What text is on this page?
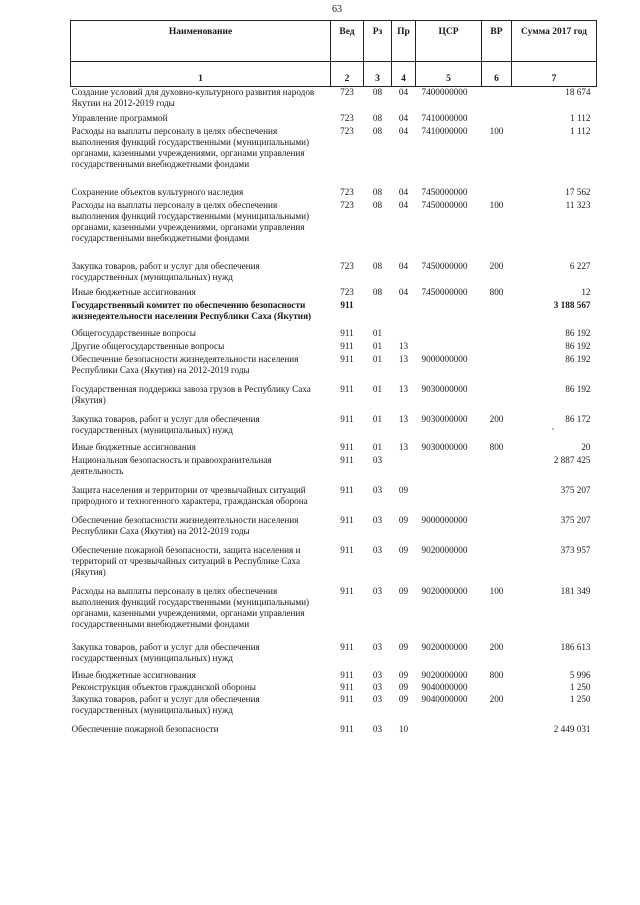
63
Наименование	Вед	Рз	Пр	ЦСР	ВР	Сумма 2017 год
1	2	3	4	5	6	7
Создание условий для духовно-культурного развития народов Якутии на 2012-2019 годы	723	08	04	7400000000		18 674
Управление программой	723	08	04	7410000000		1 112
Расходы на выплаты персоналу в целях обеспечения выполнения функций государственными (муниципальными) органами, казенными учреждениями, органами управления государственными внебюджетными фондами	723	08	04	7410000000	100	1 112
Сохранение объектов культурного наследия	723	08	04	7450000000		17 562
Расходы на выплаты персоналу в целях обеспечения выполнения функций государственными (муниципальными) органами, казенными учреждениями, органами управления государственными внебюджетными фондами	723	08	04	7450000000	100	11 323
Закупка товаров, работ и услуг для обеспечения государственных (муниципальных) нужд	723	08	04	7450000000	200	6 227
Иные бюджетные ассигнования	723	08	04	7450000000	800	12
Государственный комитет по обеспечению безопасности жизнедеятельности населения Республики Саха (Якутия)	911					3 188 567
Общегосударственные вопросы	911	01				86 192
Другие общегосударственные вопросы	911	01	13			86 192
Обеспечение безопасности жизнедеятельности населения Республики Саха (Якутия) на 2012-2019 годы	911	01	13	9000000000		86 192
Государственная поддержка завоза грузов в Республику Саха (Якутия)	911	01	13	9030000000		86 192
Закупка товаров, работ и услуг для обеспечения государственных (муниципальных) нужд	911	01	13	9030000000	200	86 172
Иные бюджетные ассигнования	911	01	13	9030000000	800	20
Национальная безопасность и правоохранительная деятельность	911	03				2 887 425
Защита населения и территории от чрезвычайных ситуаций природного и техногенного характера, гражданская оборона	911	03	09			375 207
Обеспечение безопасности жизнедеятельности населения Республики Саха (Якутия) на 2012-2019 годы	911	03	09	9000000000		375 207
Обеспечение пожарной безопасности, защита населения и территорий от чрезвычайных ситуаций в Республике Саха (Якутия)	911	03	09	9020000000		373 957
Расходы на выплаты персоналу в целях обеспечения выполнения функций государственными (муниципальными) органами, казенными учреждениями, органами управления государственными внебюджетными фондами	911	03	09	9020000000	100	181 349
Закупка товаров, работ и услуг для обеспечения государственных (муниципальных) нужд	911	03	09	9020000000	200	186 613
Иные бюджетные ассигнования	911	03	09	9020000000	800	5 996
Реконструкция объектов гражданской обороны	911	03	09	9040000000		1 250
Закупка товаров, работ и услуг для обеспечения государственных (муниципальных) нужд	911	03	09	9040000000	200	1 250
Обеспечение пожарной безопасности	911	03	10			2 449 031
